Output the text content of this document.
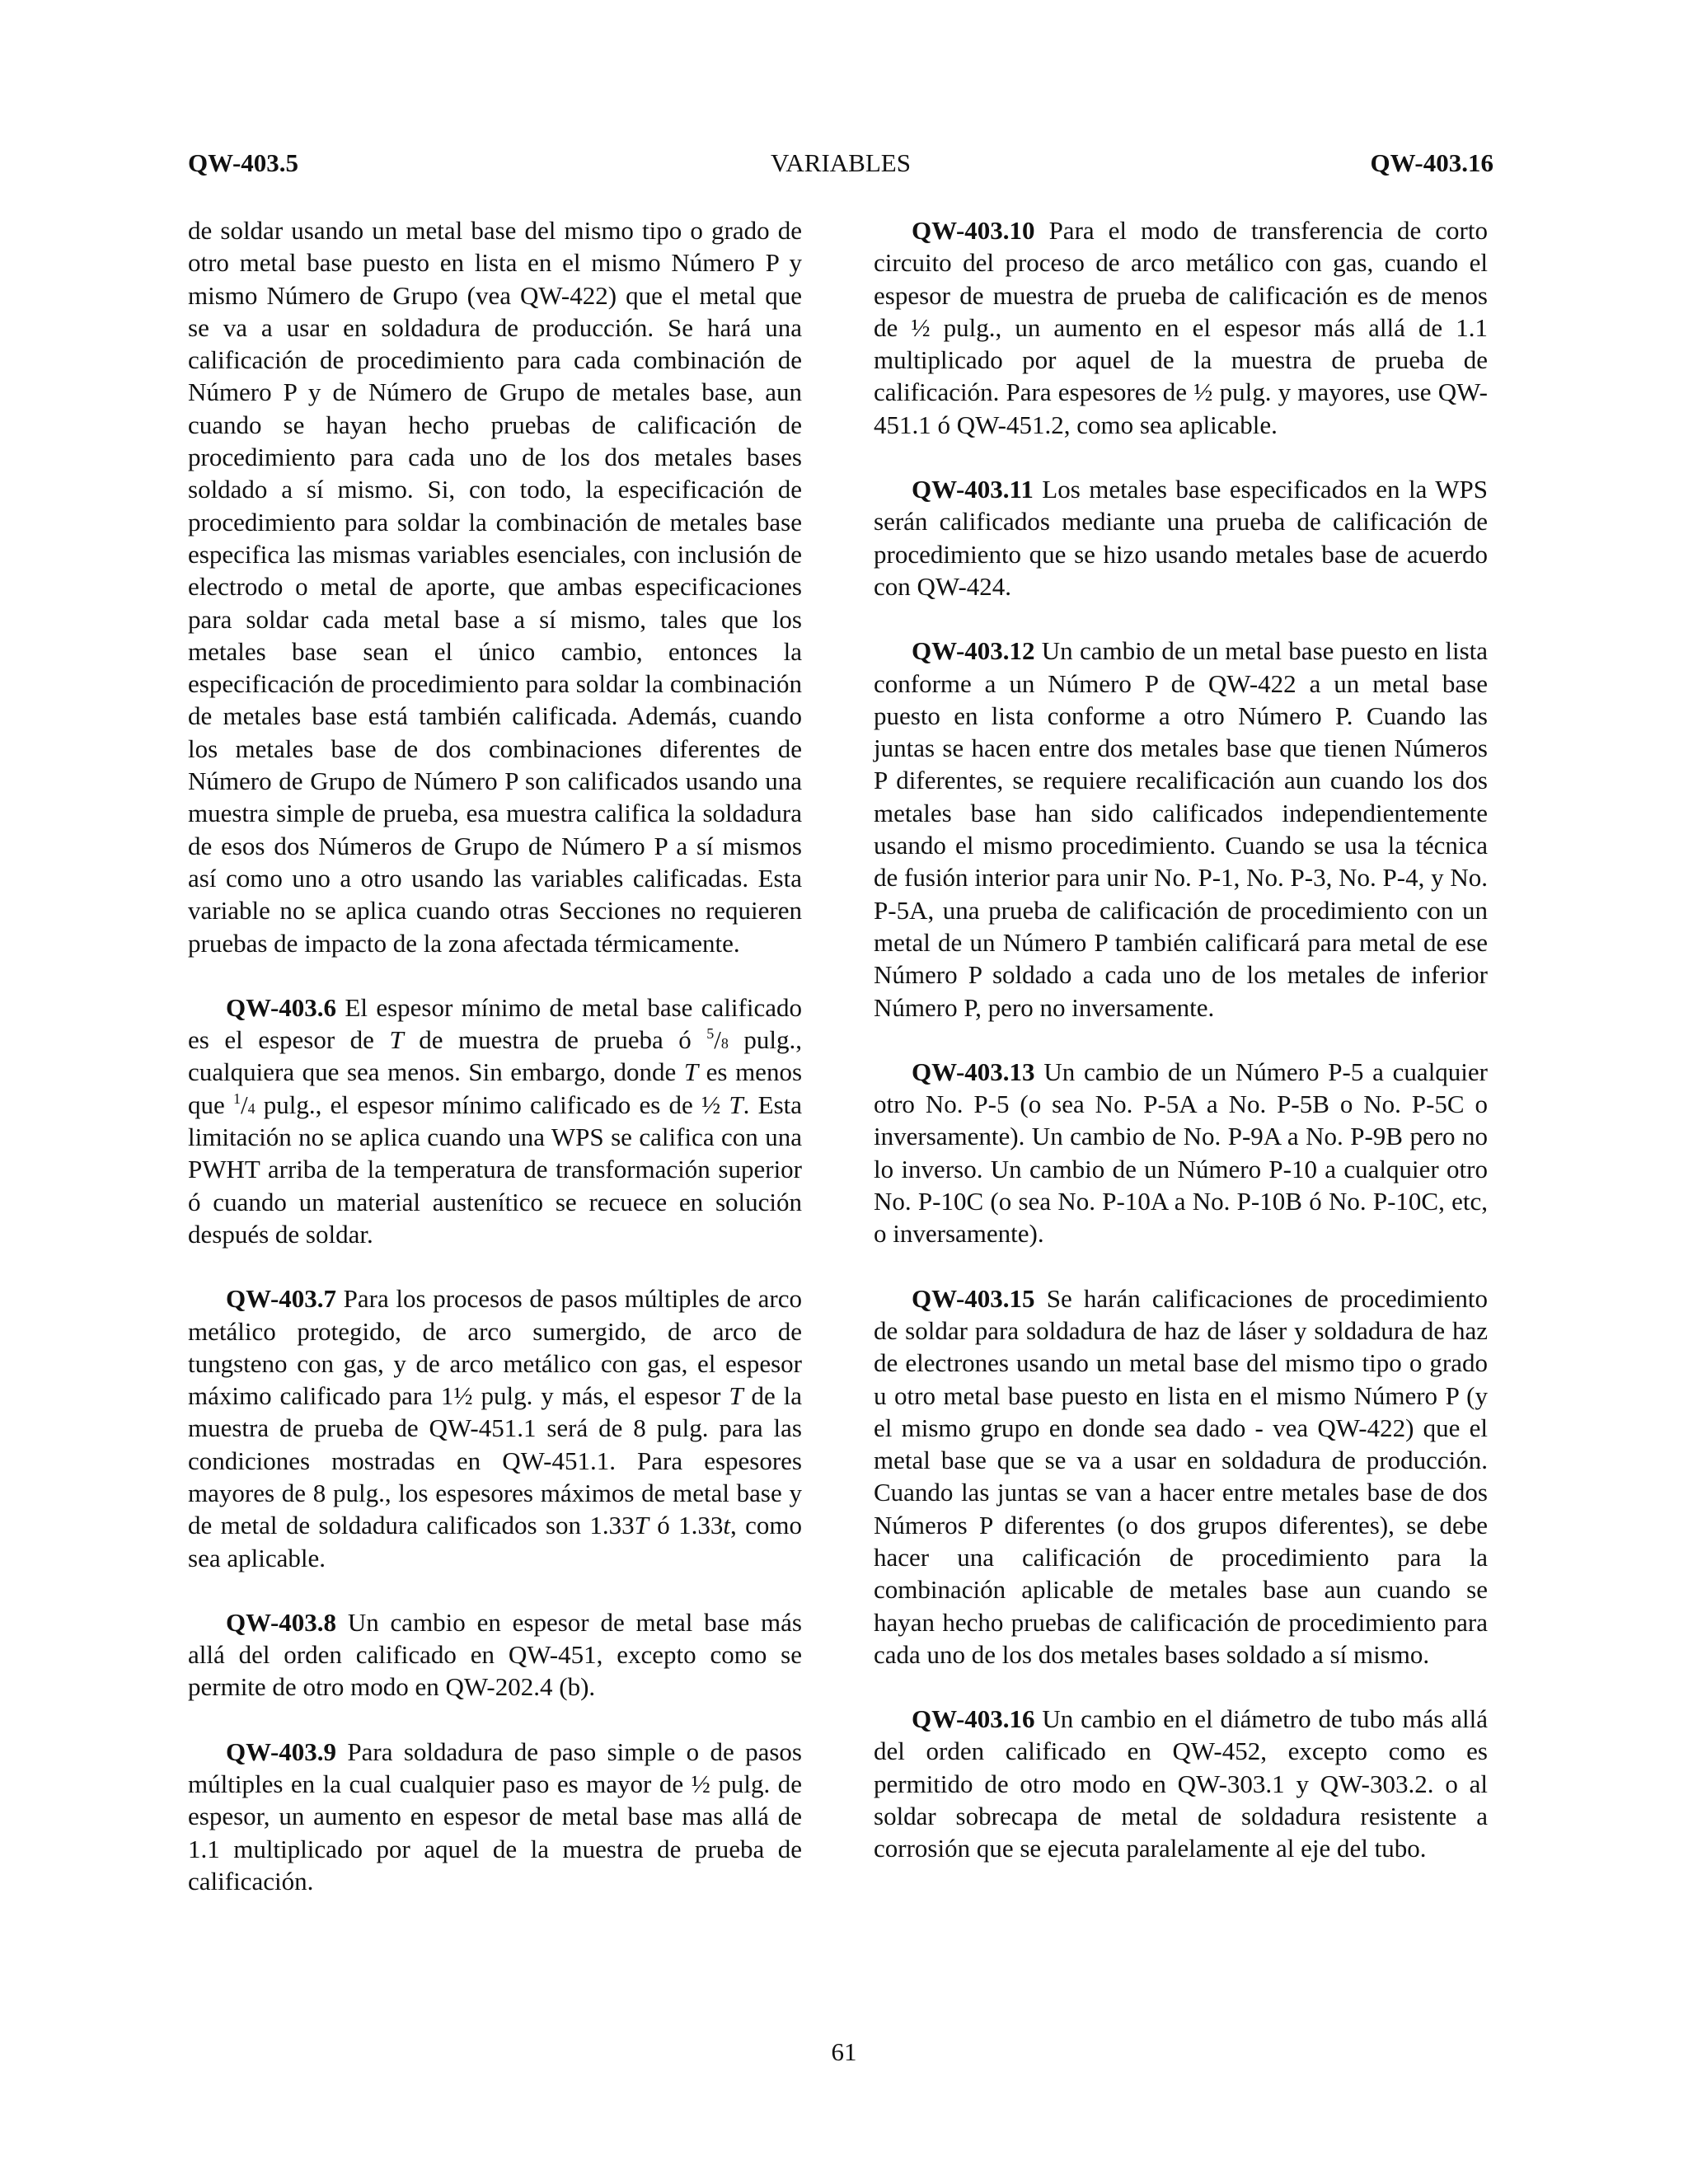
QW-403.5	VARIABLES	QW-403.16

de soldar usando un metal base del mismo tipo o grado de otro metal base puesto en lista en el mismo Número P y mismo Número de Grupo (vea QW-422) que el metal que se va a usar en soldadura de producción. Se hará una calificación de procedimiento para cada combinación de Número P y de Número de Grupo de metales base, aun cuando se hayan hecho pruebas de calificación de procedimiento para cada uno de los dos metales bases soldado a sí mismo. Si, con todo, la especificación de procedimiento para soldar la combinación de metales base especifica las mismas variables esenciales, con inclusión de electrodo o metal de aporte, que ambas especificaciones para soldar cada metal base a sí mismo, tales que los metales base sean el único cambio, entonces la especificación de procedimiento para soldar la combinación de metales base está también calificada. Además, cuando los metales base de dos combinaciones diferentes de Número de Grupo de Número P son calificados usando una muestra simple de prueba, esa muestra califica la soldadura de esos dos Números de Grupo de Número P a sí mismos así como uno a otro usando las variables calificadas. Esta variable no se aplica cuando otras Secciones no requieren pruebas de impacto de la zona afectada térmicamente.

QW-403.6 El espesor mínimo de metal base calificado es el espesor de T de muestra de prueba ó $^5$/8 pulg., cualquiera que sea menos. Sin embargo, donde T es menos que $^1$/4 pulg., el espesor mínimo calificado es de ½ T. Esta limitación no se aplica cuando una WPS se califica con una PWHT arriba de la temperatura de transformación superior ó cuando un material austenítico se recuece en solución después de soldar.

QW-403.7 Para los procesos de pasos múltiples de arco metálico protegido, de arco sumergido, de arco de tungsteno con gas, y de arco metálico con gas, el espesor máximo calificado para 1½ pulg. y más, el espesor T de la muestra de prueba de QW-451.1 será de 8 pulg. para las condiciones mostradas en QW-451.1. Para espesores mayores de 8 pulg., los espesores máximos de metal base y de metal de soldadura calificados son 1.33T ó 1.33t, como sea aplicable.

QW-403.8 Un cambio en espesor de metal base más allá del orden calificado en QW-451, excepto como se permite de otro modo en QW-202.4 (b).

QW-403.9 Para soldadura de paso simple o de pasos múltiples en la cual cualquier paso es mayor de ½ pulg. de espesor, un aumento en espesor de metal base mas allá de 1.1 multiplicado por aquel de la muestra de prueba de calificación.

QW-403.10 Para el modo de transferencia de corto circuito del proceso de arco metálico con gas, cuando el espesor de muestra de prueba de calificación es de menos de ½ pulg., un aumento en el espesor más allá de 1.1 multiplicado por aquel de la muestra de prueba de calificación. Para espesores de ½ pulg. y mayores, use QW-451.1 ó QW-451.2, como sea aplicable.

QW-403.11 Los metales base especificados en la WPS serán calificados mediante una prueba de calificación de procedimiento que se hizo usando metales base de acuerdo con QW-424.

QW-403.12 Un cambio de un metal base puesto en lista conforme a un Número P de QW-422 a un metal base puesto en lista conforme a otro Número P. Cuando las juntas se hacen entre dos metales base que tienen Números P diferentes, se requiere recalificación aun cuando los dos metales base han sido calificados independientemente usando el mismo procedimiento. Cuando se usa la técnica de fusión interior para unir No. P-1, No. P-3, No. P-4, y No. P-5A, una prueba de calificación de procedimiento con un metal de un Número P también calificará para metal de ese Número P soldado a cada uno de los metales de inferior Número P, pero no inversamente.

QW-403.13 Un cambio de un Número P-5 a cualquier otro No. P-5 (o sea No. P-5A a No. P-5B o No. P-5C o inversamente). Un cambio de No. P-9A a No. P-9B pero no lo inverso. Un cambio de un Número P-10 a cualquier otro No. P-10C (o sea No. P-10A a No. P-10B ó No. P-10C, etc, o inversamente).

QW-403.15 Se harán calificaciones de procedimiento de soldar para soldadura de haz de láser y soldadura de haz de electrones usando un metal base del mismo tipo o grado u otro metal base puesto en lista en el mismo Número P (y el mismo grupo en donde sea dado - vea QW-422) que el metal base que se va a usar en soldadura de producción. Cuando las juntas se van a hacer entre metales base de dos Números P diferentes (o dos grupos diferentes), se debe hacer una calificación de procedimiento para la combinación aplicable de metales base aun cuando se hayan hecho pruebas de calificación de procedimiento para cada uno de los dos metales bases soldado a sí mismo.

QW-403.16 Un cambio en el diámetro de tubo más allá del orden calificado en QW-452, excepto como es permitido de otro modo en QW-303.1 y QW-303.2. o al soldar sobrecapa de metal de soldadura resistente a corrosión que se ejecuta paralelamente al eje del tubo.

61
